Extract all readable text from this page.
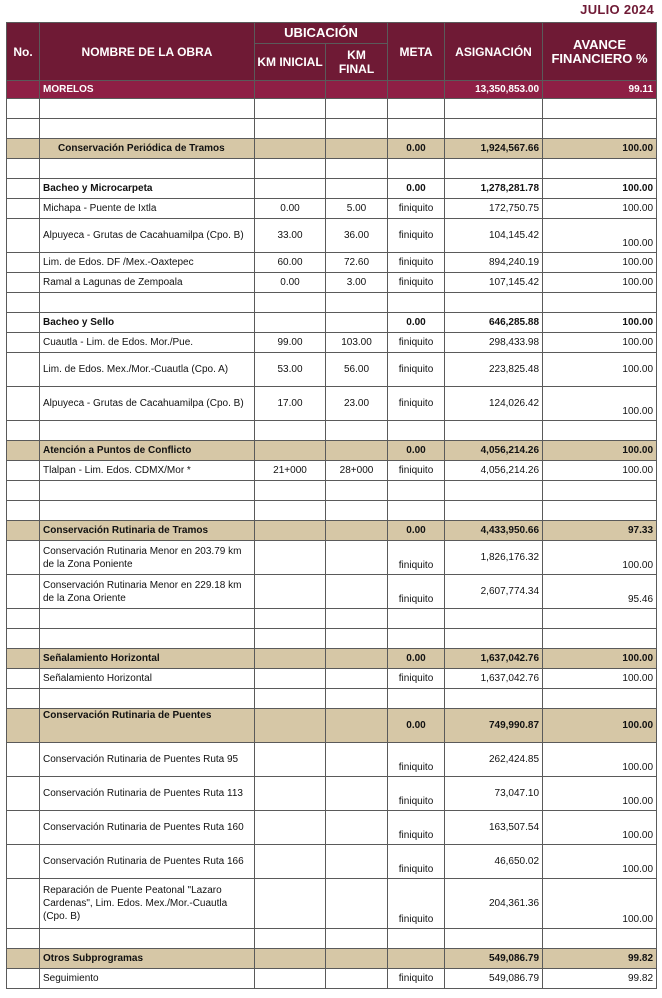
JULIO 2024
No.	NOMBRE DE LA OBRA	UBICACIÓN		META	ASIGNACIÓN	AVANCE FINANCIERO %
		KM INICIAL	KM FINAL			
	MORELOS				13,350,853.00	99.11

	Conservación Periódica de Tramos			0.00	1,924,567.66	100.00

	Bacheo y Microcarpeta			0.00	1,278,281.78	100.00
	Michapa - Puente de Ixtla	0.00	5.00	finiquito	172,750.75	100.00
	Alpuyeca - Grutas de Cacahuamilpa (Cpo. B)	33.00	36.00	finiquito	104,145.42	100.00
	Lim. de Edos. DF /Mex.-Oaxtepec	60.00	72.60	finiquito	894,240.19	100.00
	Ramal a Lagunas de Zempoala	0.00	3.00	finiquito	107,145.42	100.00

	Bacheo y Sello			0.00	646,285.88	100.00
	Cuautla - Lim. de Edos. Mor./Pue.	99.00	103.00	finiquito	298,433.98	100.00
	Lim. de Edos. Mex./Mor.-Cuautla (Cpo. A)	53.00	56.00	finiquito	223,825.48	100.00
	Alpuyeca - Grutas de Cacahuamilpa (Cpo. B)	17.00	23.00	finiquito	124,026.42	100.00

	Atención a Puntos de Conflicto			0.00	4,056,214.26	100.00
	Tlalpan - Lim. Edos. CDMX/Mor *	21+000	28+000	finiquito	4,056,214.26	100.00

	Conservación Rutinaria de Tramos			0.00	4,433,950.66	97.33
	Conservación Rutinaria Menor en 203.79 km de la Zona Poniente			finiquito	1,826,176.32	100.00
	Conservación Rutinaria Menor en 229.18 km de la Zona Oriente			finiquito	2,607,774.34	95.46

	Señalamiento Horizontal			0.00	1,637,042.76	100.00
	Señalamiento Horizontal			finiquito	1,637,042.76	100.00

	Conservación Rutinaria de Puentes			0.00	749,990.87	100.00
	Conservación Rutinaria de Puentes Ruta 95			finiquito	262,424.85	100.00
	Conservación Rutinaria de Puentes Ruta 113			finiquito	73,047.10	100.00
	Conservación Rutinaria de Puentes Ruta 160			finiquito	163,507.54	100.00
	Conservación Rutinaria de Puentes Ruta 166			finiquito	46,650.02	100.00
	Reparación de Puente Peatonal "Lazaro Cardenas", Lim. Edos. Mex./Mor.-Cuautla (Cpo. B)			finiquito	204,361.36	100.00

	Otros Subprogramas				549,086.79	99.82
	Seguimiento			finiquito	549,086.79	99.82
